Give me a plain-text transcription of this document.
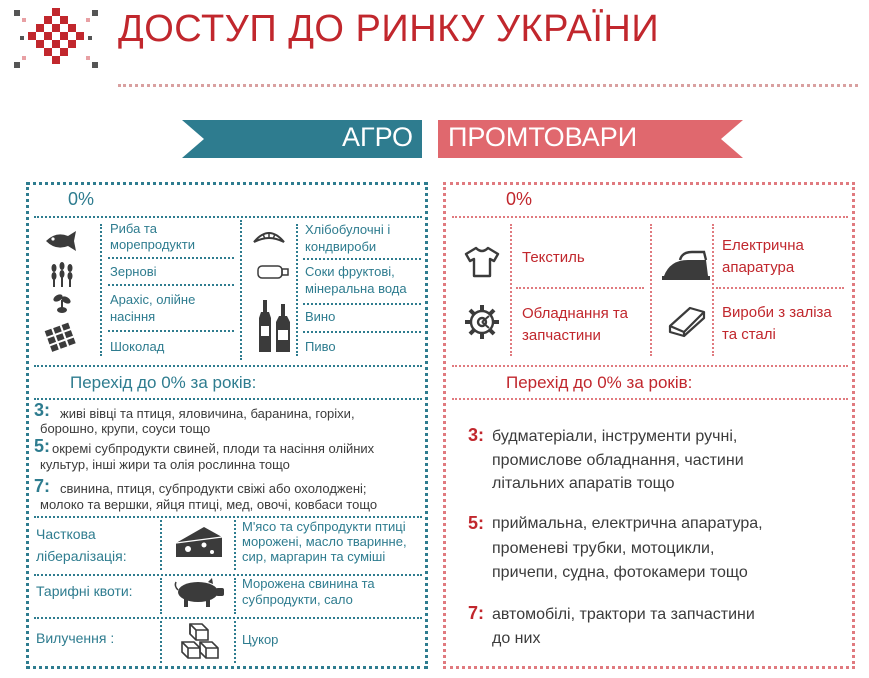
ДОСТУП ДО РИНКУ УКРАЇНИ
АГРО ПРОМТОВАРИ
0%
Риба та морепродукти
Зернові
Арахіс, олійне насіння
Шоколад
Хлібобулочні і кондвироби
Соки фруктові, мінеральна вода
Вино
Пиво
Перехід до 0% за років:
3: живі вівці та птиця, яловичина, баранина, горіхи,
борошно, крупи, соуси тощо
5: окремі субпродукти свиней, плоди та насіння олійних
культур, інші жири та олія рослинна тощо
7: свинина, птиця, субпродукти свіжі або охолоджені;
молоко та вершки, яйця птиці, мед, овочі, ковбаси тощо
Часткова
лібералізація:
М'ясо та субпродукти птиці
морожені, масло тваринне,
сир, маргарин та суміші
Тарифні квоти:	Морожена свинина та
субпродукти, сало
Вилучення :	Цукор
0%
Текстиль
Обладнання та запчастини
Електрична апаратура
Вироби з заліза та сталі
Перехід до 0% за років:
3: будматеріали, інструменти ручні,
промислове обладнання, частини
літальних апаратів тощо
5: приймальна, електрична апаратура,
променеві трубки, мотоцикли,
причепи, судна, фотокамери тощо
7: автомобілі, трактори та запчастини
до них
